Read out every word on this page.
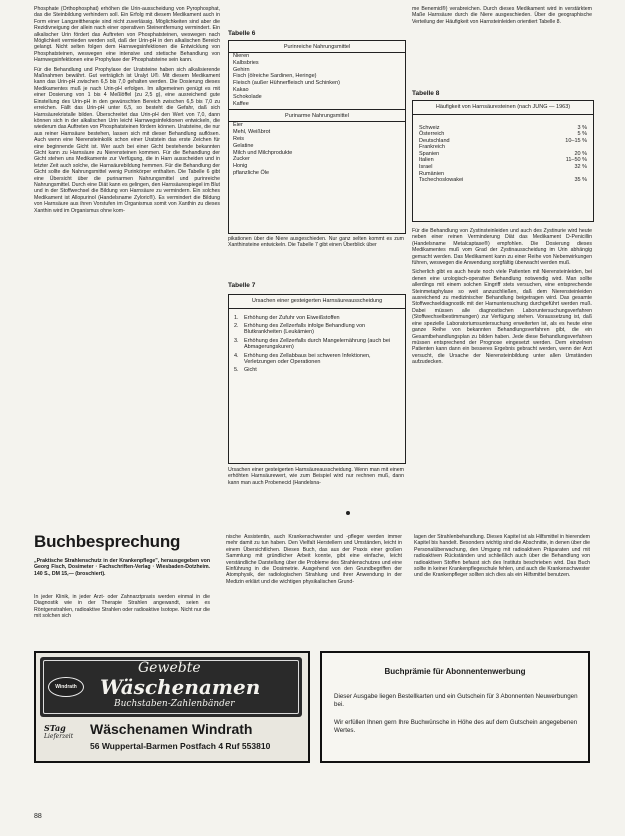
Phosphate (Orthophosphat) erhöhen die Urin-ausscheidung von Pyrophosphat, das die Steinbildung verhindern soll. Ein Erfolg mit diesem Medikament auch in Form einer Langzeittherapie sind nicht zuverlässig. Möglichkeiten sind aber die Rezidivneigung der allein nach einer operativen Steinentfernung vermindert. Ein alkalischer Urin fördert das Auftreten von Phosphatsteinen, weswegen nach Möglichkeit vermieden werden soll, daß der Urin-pH in den alkalischen Bereich gelangt. Nicht selten folgen dem Harnwegsinfektionen die Entwicklung von Phosphatsteinen, weswegen eine intensive und stetische Behandlung von Harnwegsinfektionen eine Prophylaxe der Phosphatsteine sein kann.

Für die Behandlung und Prophylaxe der Uratsteine haben sich alkalisierende Maßnahmen bewährt. Gut verträglich ist Uralyt U®. Mit diesem Medikament kann das Urin-pH zwischen 6,5 bis 7,0 gehalten werden. Die Dosierung dieses Medikamentes muß je nach Urin-pH erfolgen. Im allgemeinen genügt es mit einer Dosierung von 1 bis 4 Meßlöffel (zu 2,5 g), eine ausreichend gute Einstellung des Urin-pH in den gewünschten Bereich zwischen 6,5 bis 7,0 zu erreichen. Fällt das Urin-pH unter 6,5, so besteht die Gefahr, daß sich Harnsäurekristalle bilden. Überschreitet das Urin-pH den Wert von 7,0, dann können sich in der alkalischen Urin leicht Harnwegsinfektionen entwickeln, die wiederum das Auftreten von Phosphatsteinen fördern können. Uratsteine, die nur aus reiner Harnsäure bestehen, lassen sich mit dieser Behandlung auflösen. Auch wenn eine Nierensteinkolik schon einer Uratstein das erste Zeichen für eine beginnende Gicht ist. Wer auch bei einer Gicht bestehende bekannten Gicht kann zu Harnsäure zu Nierensteinen kommen. Für die Behandlung der Gicht stehen uns Medikamente zur Verfügung, die in Harn ausscheiden und in letzter Zeit auch solche, die Harnsäurebildung hemmen. Für die Behandlung der Gicht sollte die Nahrungsmittel wenig Purinkörper enthalten. Die Tabelle 6 gibt eine Übersicht über die purinarmen Nahrungsmittel und purinreiche Nahrungsmittel. Durch eine Diät kann es gelingen, den Harnsäurespiegel im Blut und in der Stoffwechsel die Bildung von Harnsäure zu vermindern. Ein solches Medikament ist Allopurinol (Handelsname Zyloric®). Es vermindert die Bildung von Harnsäure aus ihren Vorstufen im Organismus somit von Xanthin zu dieses Xanthin wird im Organismus ohne kom-

Tabelle 6
Purinreiche Nahrungsmittel
Nieren
Kalbsbries
Gehirn
Fisch (ölreiche Sardinen, Heringe)
Fleisch (außer Hühnerfleisch und Schinken)
Kakao
Schokolade
Kaffee
Purinarme Nahrungsmittel
Eier
Mehl, Weißbrot
Reis
Gelatine
Milch und Milchprodukte
Zucker
Honig
pflanzliche Öle
pikationen über die Niere ausgeschieden. Nur ganz selten kommt es zum Xanthinsteine entwickeln. Die Tabelle 7 gibt einen Überblick über
Tabelle 7
Ursachen einer gesteigerten Harnsäureausscheidung
1. Erhöhung der Zufuhr von Eiweißstoffen
2. Erhöhung des Zellzerfalls infolge Behandlung von Blutkrankheiten (Leukämien)
3. Erhöhung des Zellzerfalls durch Mangelernährung (auch bei Abmagerungskuren)
4. Erhöhung des Zellabbaus bei schweren Infektionen, Verletzungen oder Operationen
5. Gicht
Ursachen einer gesteigerten Harnsäureausscheidung. Wenn man mit einem erhöhten Harnsäurewert, wie zum Beispiel wird nur rechnen muß, dann kann man auch Probenecid (Handelsna-
me Benemid®) verabreichen. Durch dieses Medikament wird in verstärktem Maße Harnsäure durch die Niere ausgeschieden. Über die geographische Verteilung der Häufigkeit von Harnsteinleiden orientiert Tabelle 8.
Tabelle 8
Häufigkeit von Harnsäuresteinen (nach JUNG — 1963)
Schweiz	3 %
Österreich	5 %
Deutschland	10–15 %
Frankreich
Spanien	20 %
Italien	11–50 %
Israel	32 %
Rumänien
Tschechoslowakei	35 %

Für die Behandlung von Zystinsteinleiden und auch des Zystinurie wird heute neben einer reinen Verminderung Diät das Medikament D-Penicillin (Handelsname Metalcaptase®) empfohlen. Die Dosierung dieses Medikamentes muß vom Grad der Zystinausscheidung im Urin abhängig gemacht werden. Das Medikament kann zu einer Reihe von Nebenwirkungen führen, weswegen die Anwendung sorgfältig überwacht werden muß.

Sicherlich gibt es auch heute noch viele Patienten mit Nierensteinleiden, bei denen eine urologisch-operative Behandlung notwendig wird. Man sollte allerdings mit einem solchen Eingriff stets versuchen, eine entsprechende Steinmetaphylaxe so weit anzuschließen, daß dem Nierensteinleiden ausreichend zu medizinischer Behandlung beigetragen wird. Das gesamte Stoffwechseldiagnostik mit der Harnuntersuchung durchgeführt werden muß. Dabei müssen alle diagnostischen Laboruntersuchungsverfahren (Stoffwechselbestimmungen) zur Verfügung stehen. Voraussetzung ist, daß eine spezielle Laboratoriumsuntersuchung erweiterten ist, als es heute eine ganze Reihe von bekannten Behandlungsverfahren gibt, die ein Gesamtbehandlungsplan zu bilden haben. Jede diese Behandlungsverfahren müssen entsprechend der Prognose eingesetzt werden. Dem einzelnen Patienten kann dann ein besseres Ergebnis gebracht werden, wenn der Arzt versucht, die Ursache der Nierensteinbildung unter allen Umständen aufzudecken.

Buchbesprechung
„Praktische Strahlenschutz in der Krankenpflege", herausgegeben von Georg Fisch, Dosimeter · Fachschriften-Verlag · Wiesbaden-Dotzheim. 140 S., DM 15,— (broschiert).
In jeder Klinik, in jeder Arzt- oder Zahnarztpraxis werden einmal in die Diagnostik wie in der Therapie Strahlen angewandt, seien es Röntgenstrahlen, radioaktive Strahlen oder radioaktive Isotope. Nicht nur die mit solchen sich
nische Assistentin, auch Krankenschwester und -pfleger werden immer mehr damit zu tun haben. Den Vielfalt Herstellern und Umständen, leicht in einem Übersichtlichen. Dieses Buch, das aus der Praxis einer großen Sammlung mit gründlicher Arbeit konnte, gibt eine einfache, leicht verständliche Darstellung über die Probleme des Strahlenschutzes und eine Einführung in die Dosimetrie. Ausgehend von den Grundbegriffen der Atomphysik, der radiologischen Strahlung und ihrer Anwendung in der Medizin erklärt und die wichtigen physikalischen Grund-
lagen der Strahlenbehandlung. Dieses Kapitel ist als Hilfsmittel in hierendem Kapitel bis handelt. Besonders wichtig sind die Abschnitte, in denen über die Personalüberwachung, den Umgang mit radioaktiven Präparaten und mit radioaktiven Rückständen und schließlich auch über die Behandlung von radioaktiven Stoffen befasst sich des Instituts beschrieben wird. Das Buch sollte in keiner Krankenpflegeschule fehlen, und auch die Krankenschwester und die Krankenpfleger sollten sich dies als ein Hilfsmittel benutzen.
Windrath
Gewebte
Wäschenamen
Buchstaben-Zahlenbänder
STag
Lieferzeit Wäschenamen Windrath
56 Wuppertal-Barmen Postfach 4 Ruf 553810
Buchprämie für Abonnentenwerbung
Dieser Ausgabe liegen Bestellkarten und ein Gutschein für 3 Abonnenten Neuwerbungen bei.
Wir erfüllen Ihnen gern Ihre Buchwünsche in Höhe des auf dem Gutschein angegebenen Wertes.
88
